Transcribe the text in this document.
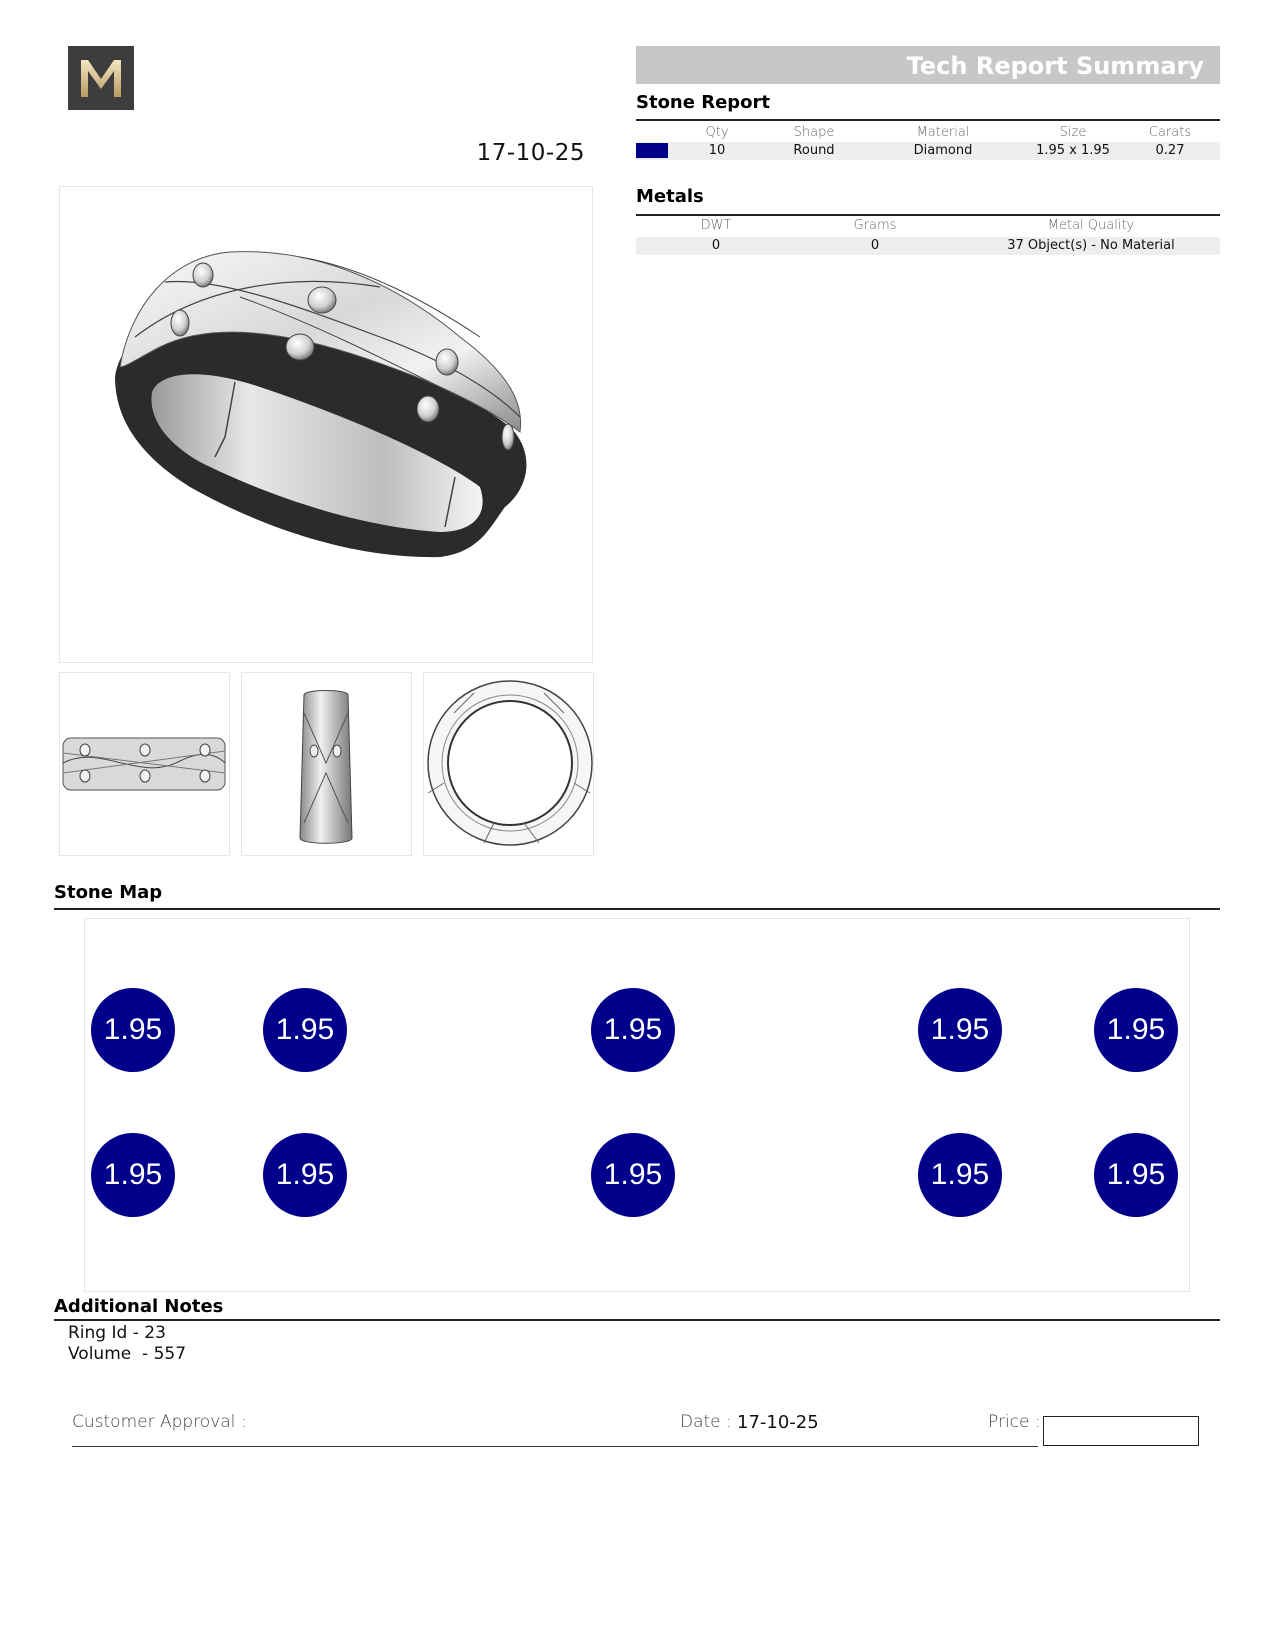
17-10-25
Tech Report Summary
Stone Report
Qty	Shape	Material	Size	Carats
10	Round	Diamond	1.95 x 1.95	0.27
Metals
DWT	Grams	Metal Quality
0	0	37 Object(s) - No Material
Stone Map
1.95	1.95	1.95	1.95	1.95
1.95	1.95	1.95	1.95	1.95
Additional Notes
Ring Id - 23
Volume  - 557
Customer Approval :	Date : 17-10-25	Price :
